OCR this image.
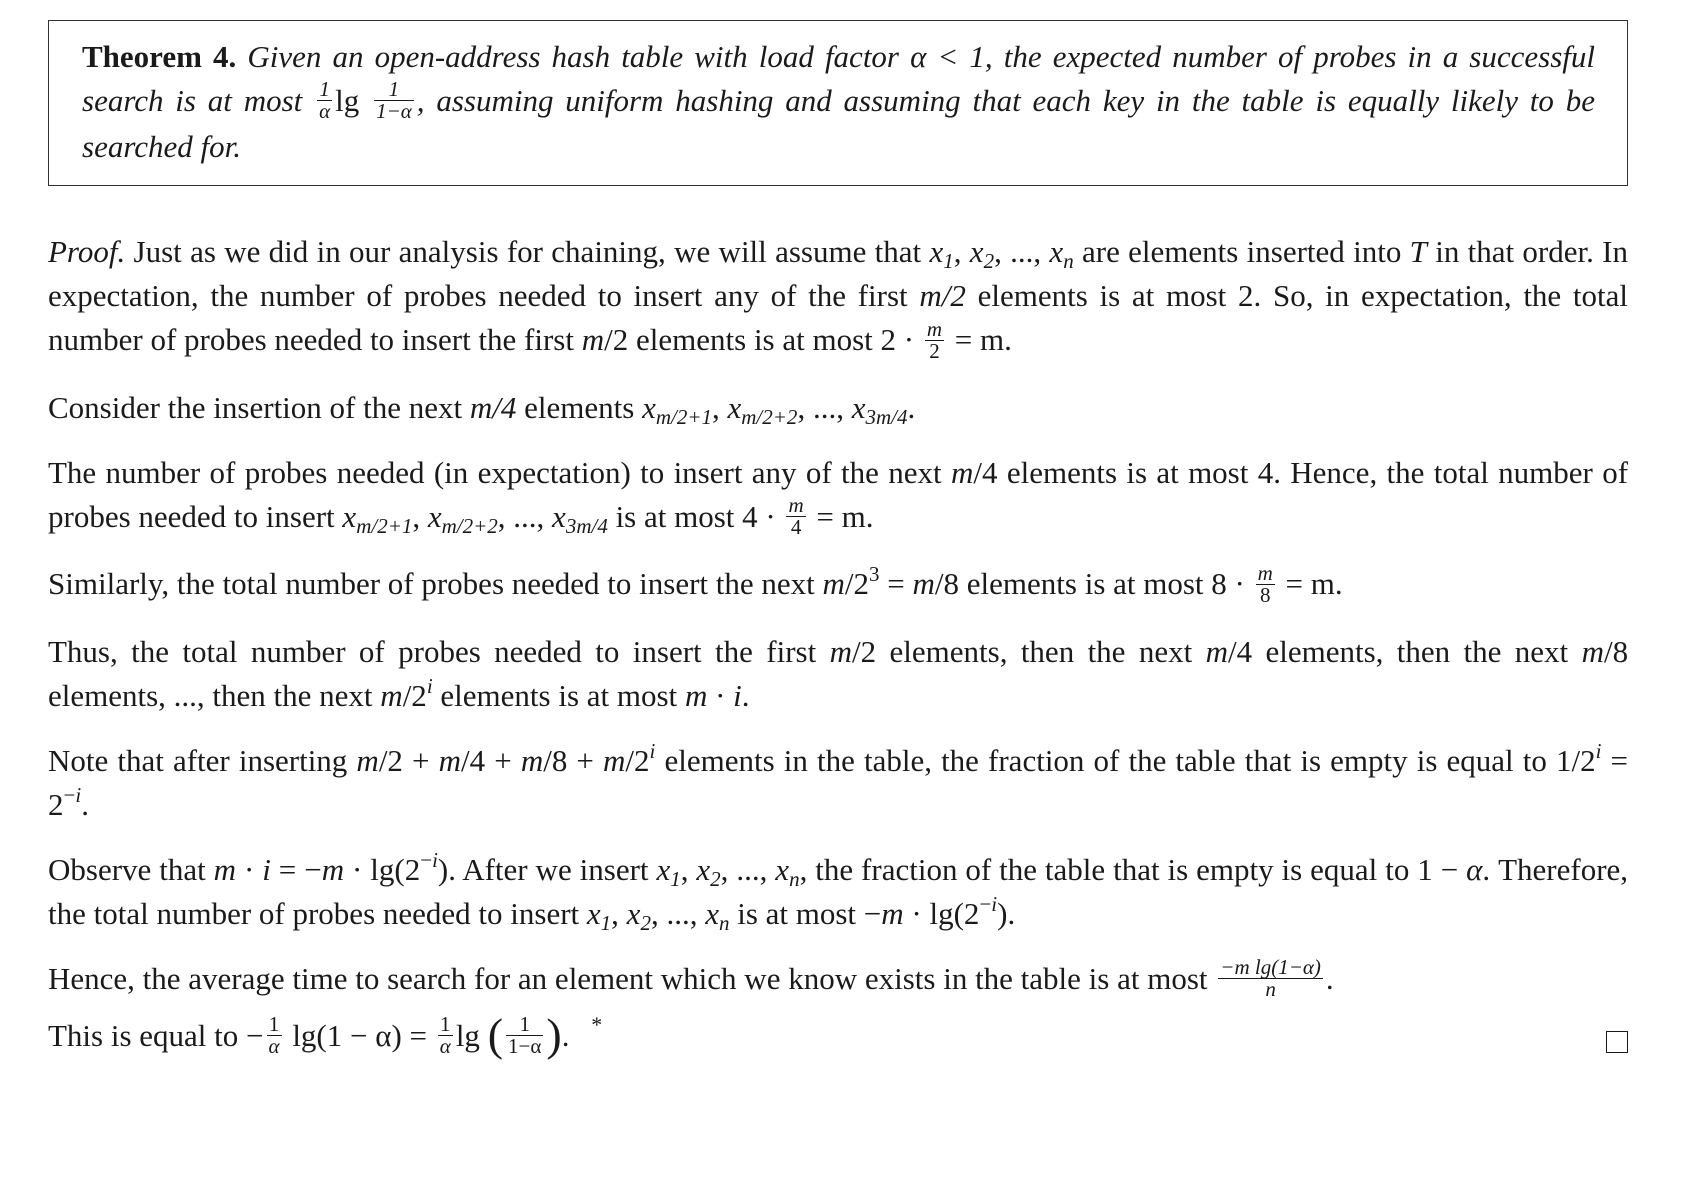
Theorem 4. Given an open-address hash table with load factor α < 1, the expected number of probes in a successful search is at most $\frac{1}{\alpha}$ $\lg \frac{1}{1-\alpha}$ , assuming uniform hashing and assuming that each key in the table is equally likely to be searched for.

Proof. Just as we did in our analysis for chaining, we will assume that $x_1$, $x_2$, ..., $x_n$ are elements inserted into T in that order. In expectation, the number of probes needed to insert any of the first m/2 elements is at most 2. So, in expectation, the total number of probes needed to insert the first m/2 elements is at most $2 \cdot \frac{m}{2} = m$.

Consider the insertion of the next m/4 elements $x_{m/2+1}$, $x_{m/2+2}$, ..., $x_{3m/4}$.

The number of probes needed (in expectation) to insert any of the next m/4 elements is at most 4. Hence, the total number of probes needed to insert $x_{m/2+1}$, $x_{m/2+2}$, ..., $x_{3m/4}$ is at most $4 \cdot \frac{m}{4} = m$.

Similarly, the total number of probes needed to insert the next $m/2^3 = m/8$ elements is at most $8 \cdot \frac{m}{8} = m$.

Thus, the total number of probes needed to insert the first m/2 elements, then the next m/4 elements, then the next m/8 elements, ..., then the next m/2$^i$ elements is at most m · i.

Note that after inserting $m/2 + m/4 + m/8 + m/2^i$ elements in the table, the fraction of the table that is empty is equal to $1/2^i = 2^{-i}$.

Observe that $m \cdot i = -m \cdot \lg(2^{-i})$. After we insert $x_1$, $x_2$, ..., $x_n$, the fraction of the table that is empty is equal to 1 − α. Therefore, the total number of probes needed to insert $x_1$, $x_2$, ..., $x_n$ is at most $-m \cdot \lg(2^{-i})$.

Hence, the average time to search for an element which we know exists in the table is at most $\frac{\text{−m lg(1−α)}}{n}$ .
This is equal to − $\frac{1}{\alpha} \lg(1 - \alpha) = \frac{1}{\alpha}$ lg ( $\frac{1}{1-\alpha}$ ). *
